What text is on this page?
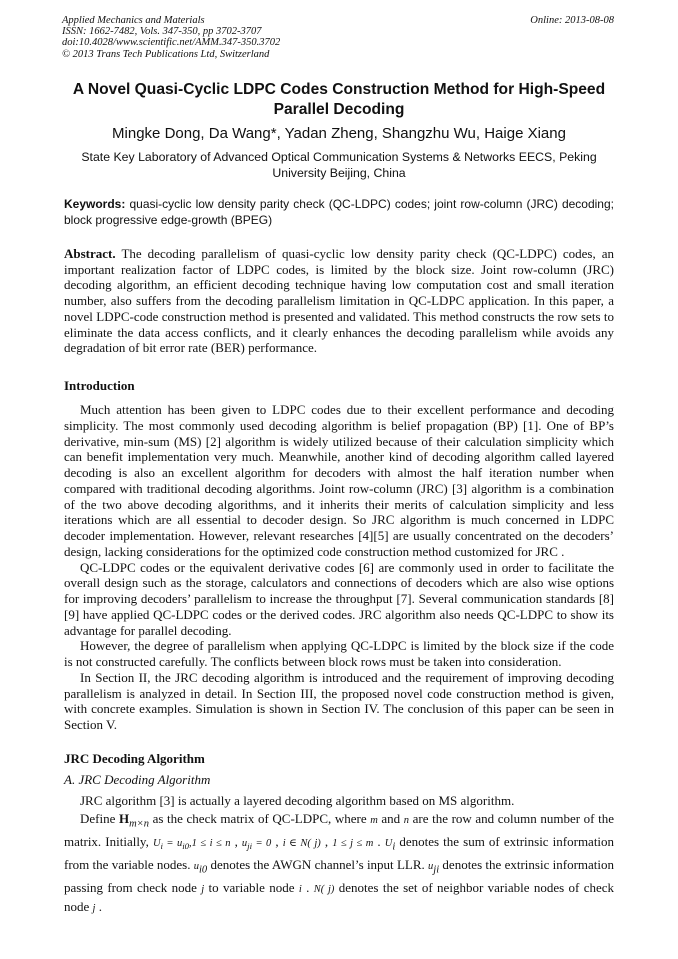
Applied Mechanics and Materials
ISSN: 1662-7482, Vols. 347-350, pp 3702-3707
doi:10.4028/www.scientific.net/AMM.347-350.3702
© 2013 Trans Tech Publications Ltd, Switzerland
Online: 2013-08-08
A Novel Quasi-Cyclic LDPC Codes Construction Method for High-Speed Parallel Decoding
Mingke Dong, Da Wang*, Yadan Zheng, Shangzhu Wu, Haige Xiang
State Key Laboratory of Advanced Optical Communication Systems & Networks EECS, Peking University Beijing, China
Keywords: quasi-cyclic low density parity check (QC-LDPC) codes; joint row-column (JRC) decoding; block progressive edge-growth (BPEG)
Abstract. The decoding parallelism of quasi-cyclic low density parity check (QC-LDPC) codes, an important realization factor of LDPC codes, is limited by the block size. Joint row-column (JRC) decoding algorithm, an efficient decoding technique having low computation cost and small iteration number, also suffers from the decoding parallelism limitation in QC-LDPC application. In this paper, a novel LDPC-code construction method is presented and validated. This method constructs the row sets to eliminate the data access conflicts, and it clearly enhances the decoding parallelism while avoids any degradation of bit error rate (BER) performance.
Introduction

Much attention has been given to LDPC codes due to their excellent performance and decoding simplicity. The most commonly used decoding algorithm is belief propagation (BP) [1]. One of BP’s derivative, min-sum (MS) [2] algorithm is widely utilized because of their calculation simplicity which can benefit implementation very much. Meanwhile, another kind of decoding algorithm called layered decoding is also an excellent algorithm for decoders with almost the half iteration number when compared with traditional decoding algorithms. Joint row-column (JRC) [3] algorithm is a combination of the two above decoding algorithms, and it inherits their merits of calculation simplicity and less iterations which are all essential to decoder design. So JRC algorithm is much concerned in LDPC decoder implementation. However, relevant researches [4][5] are usually concentrated on the decoders’ design, lacking considerations for the optimized code construction method customized for JRC .

QC-LDPC codes or the equivalent derivative codes [6] are commonly used in order to facilitate the overall design such as the storage, calculators and connections of decoders which are also wise options for improving decoders’ parallelism to increase the throughput [7]. Several communication standards [8][9] have applied QC-LDPC codes or the derived codes. JRC algorithm also needs QC-LDPC to show its advantage for parallel decoding.

However, the degree of parallelism when applying QC-LDPC is limited by the block size if the code is not constructed carefully. The conflicts between block rows must be taken into consideration.

In Section II, the JRC decoding algorithm is introduced and the requirement of improving decoding parallelism is analyzed in detail. In Section III, the proposed novel code construction method is given, with concrete examples. Simulation is shown in Section IV. The conclusion of this paper can be seen in Section V.

JRC Decoding Algorithm
A. JRC Decoding Algorithm

JRC algorithm [3] is actually a layered decoding algorithm based on MS algorithm.

Define $H_{m\times n}$ as the check matrix of QC-LDPC, where m and n are the row and column number of the matrix. Initially, $U_i = u_{i0},1 \le i \le n$ , $u_{ji} = 0$ , i ∈ N( j) , 1 ≤ j ≤ m . $U_i$ denotes the sum of extrinsic information from the variable nodes. $u_{i0}$ denotes the AWGN channel’s input LLR. $u_{ji}$ denotes the extrinsic information passing from check node j to variable node i . N( j) denotes the set of neighbor variable nodes of check node j .
